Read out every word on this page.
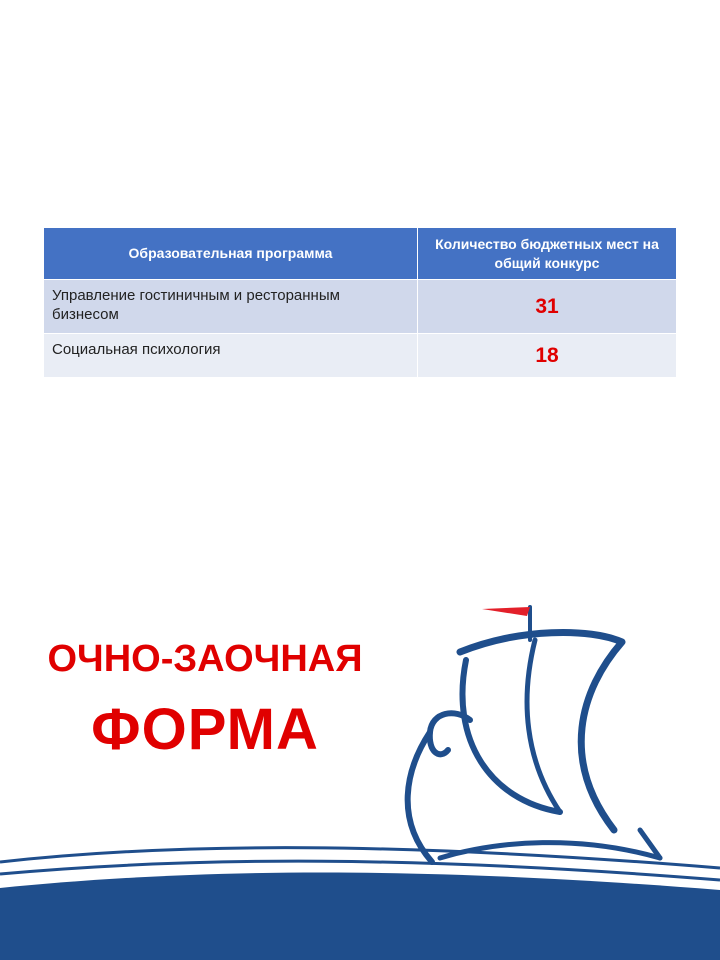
Образовательная программа	Количество бюджетных мест на общий конкурс
Управление гостиничным и ресторанным бизнесом	31
Социальная психология	18

ОЧНО-ЗАОЧНАЯ

ФОРМА
